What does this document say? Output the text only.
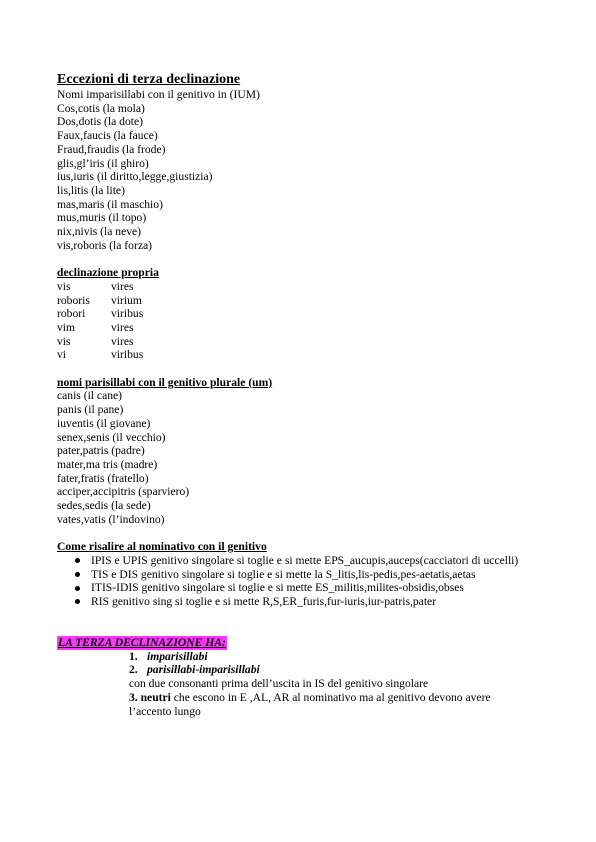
Eccezioni di terza declinazione
Nomi imparisillabi con il genitivo in (IUM)
Cos,cotis (la mola)
Dos,dotis (la dote)
Faux,faucis (la fauce)
Fraud,fraudis (la frode)
glis,gl’iris (il ghiro)
ius,iuris (il diritto,legge,giustizia)
lis,litis (la lite)
mas,maris (il maschio)
mus,muris (il topo)
nix,nivis (la neve)
vis,roboris (la forza)
declinazione propria
vis	vires
roboris	virium
robori	viribus
vim	vires
vis	vires
vi	viribus
nomi parisillabi con il genitivo plurale (um)
canis (il cane)
panis (il pane)
iuventis (il giovane)
senex,senis (il vecchio)
pater,patris (padre)
mater,ma tris (madre)
fater,fratis (fratello)
acciper,accipitris (sparviero)
sedes,sedis (la sede)
vates,vatis (l’indovino)
Come risalire al nominativo con il genitivo
IPIS e UPIS genitivo singolare si toglie e si mette EPS_aucupis,auceps(cacciatori di uccelli)
TIS e DIS genitivo singolare si toglie e si mette la S_litis,lis-pedis,pes-aetatis,aetas
ITIS-IDIS genitivo singolare si toglie e si mette ES_militis,milites-obsidis,obses
RIS genitivo sing si toglie e si mette R,S,ER_furis,fur-iuris,iur-patris,pater
LA TERZA DECLINAZIONE HA:
1. imparisillabi
2. parisillabi-imparisillabi
con due consonanti prima dell’uscita in IS del genitivo singolare
3. neutri che escono in E ,AL, AR al nominativo ma al genitivo devono avere
l’accento lungo
